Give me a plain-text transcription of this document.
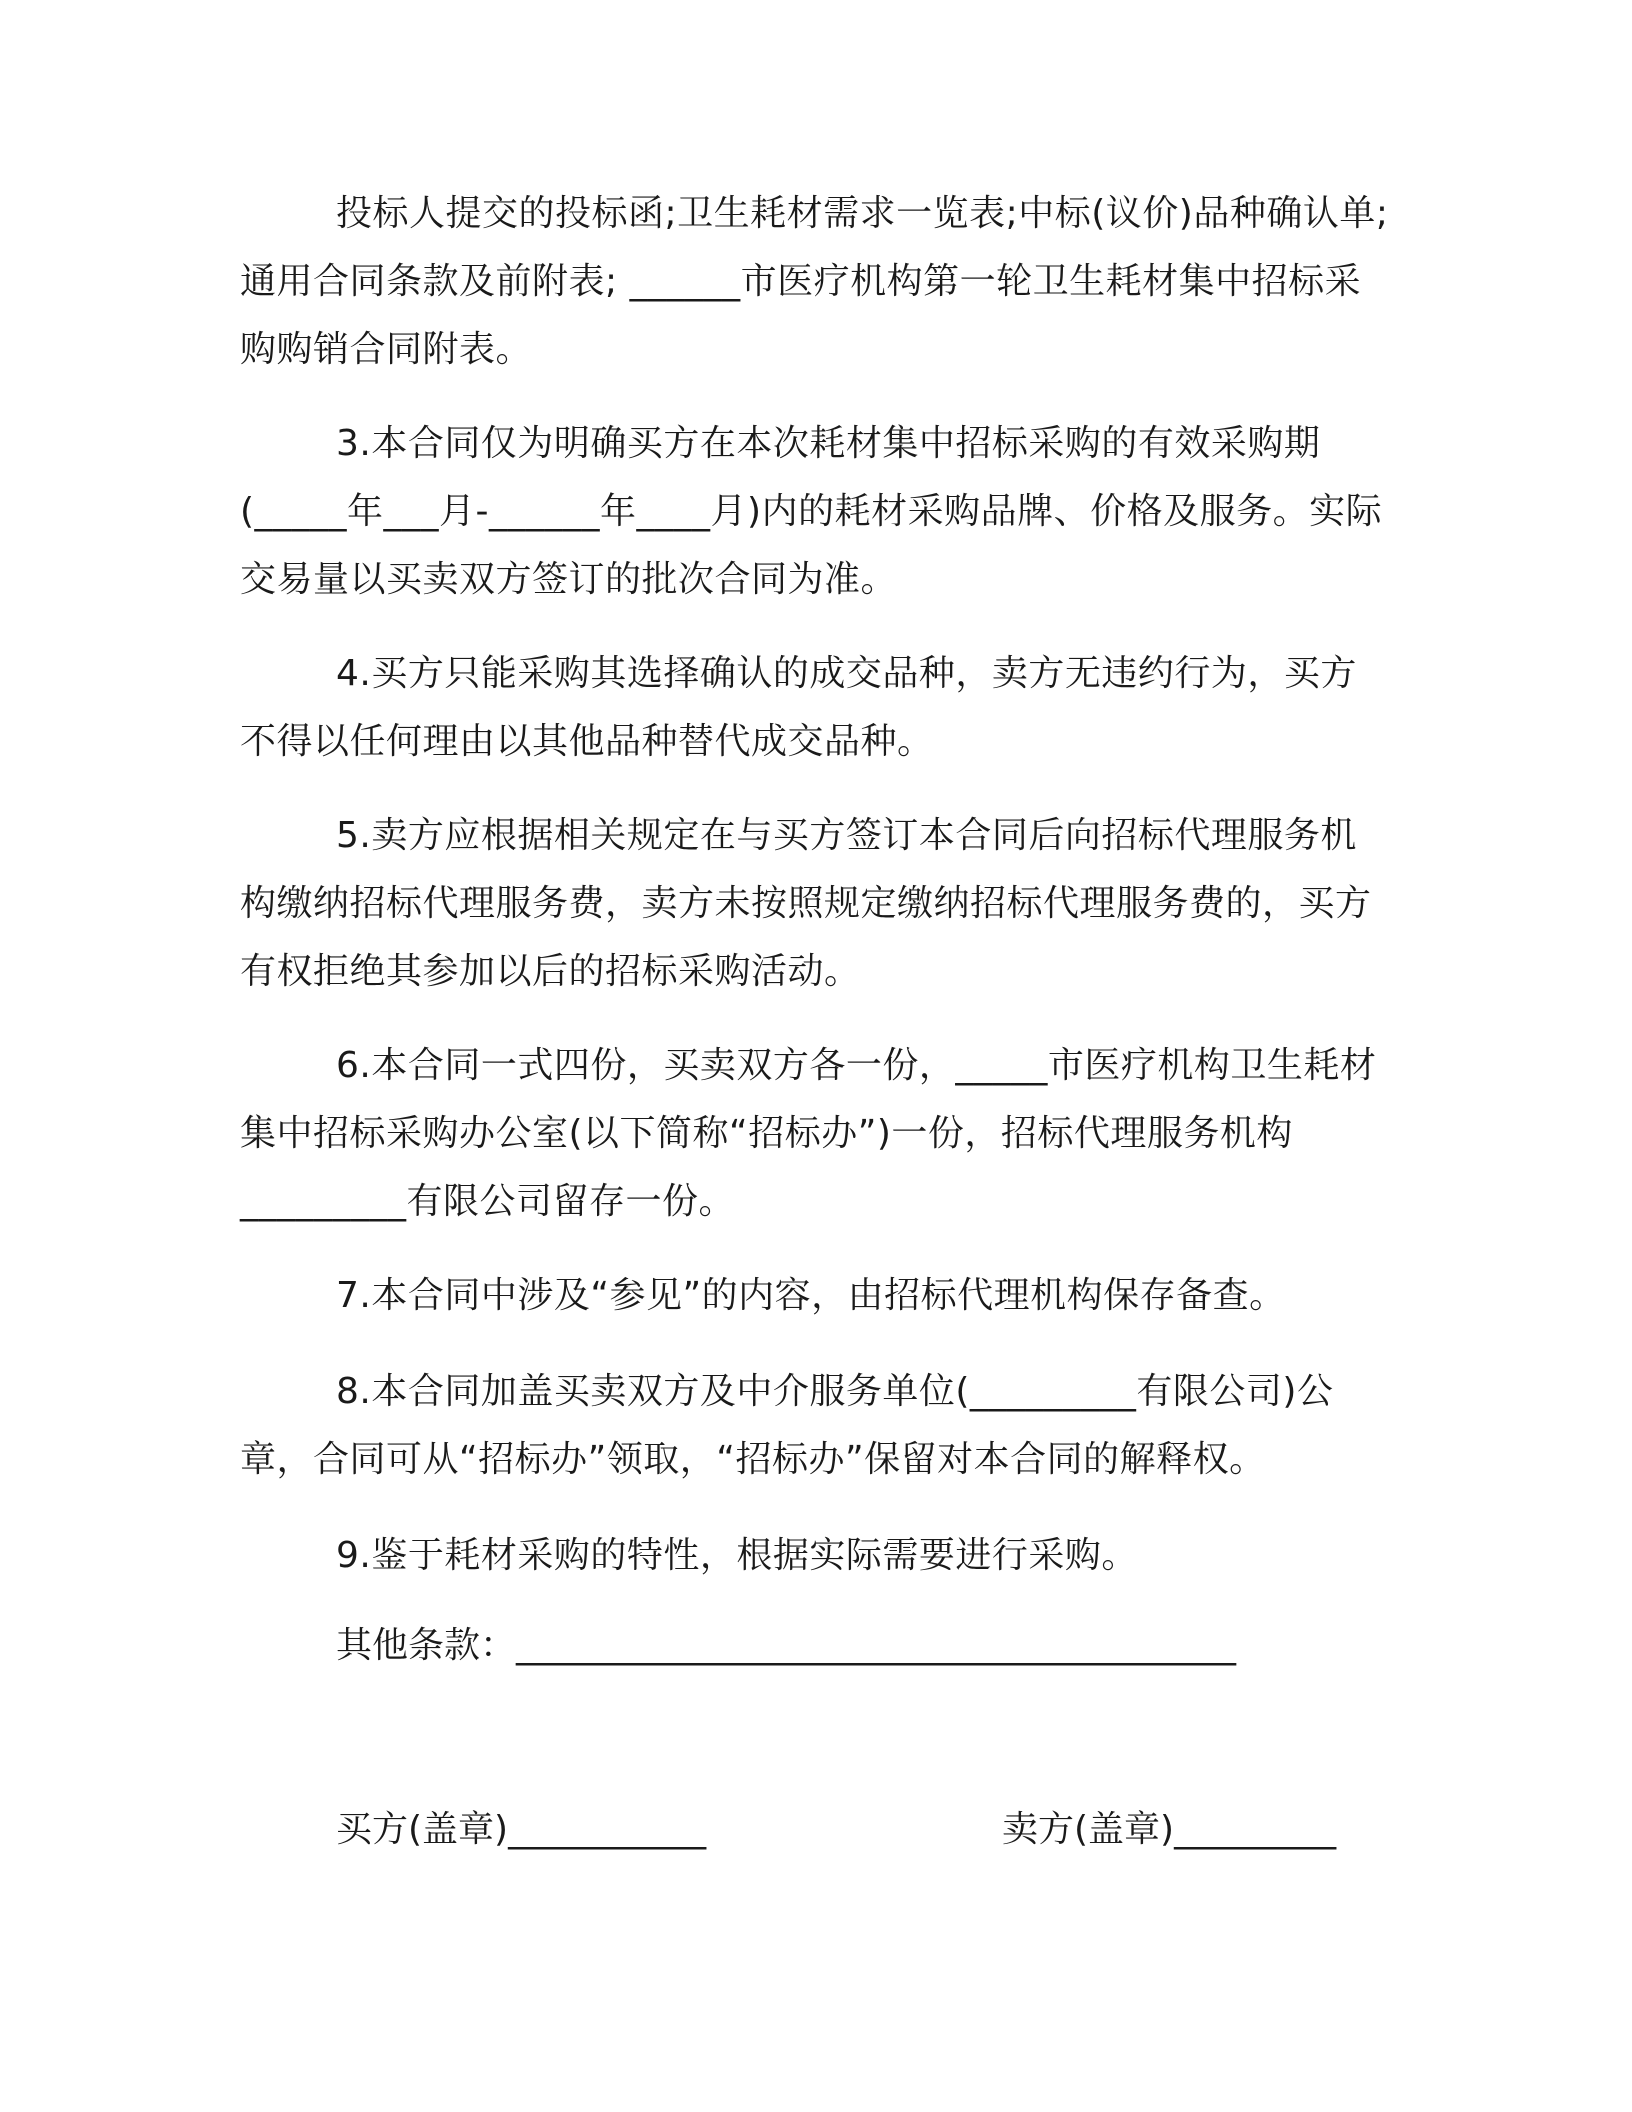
投标人提交的投标函;卫生耗材需求一览表;中标(议价)品种确认单;通用合同条款及前附表; ______市医疗机构第一轮卫生耗材集中招标采购购销合同附表。

3.本合同仅为明确买方在本次耗材集中招标采购的有效采购期(_____年___月-______年____月)内的耗材采购品牌、价格及服务。实际交易量以买卖双方签订的批次合同为准。

4.买方只能采购其选择确认的成交品种，卖方无违约行为，买方不得以任何理由以其他品种替代成交品种。

5.卖方应根据相关规定在与买方签订本合同后向招标代理服务机构缴纳招标代理服务费，卖方未按照规定缴纳招标代理服务费的，买方有权拒绝其参加以后的招标采购活动。

6.本合同一式四份，买卖双方各一份，_____市医疗机构卫生耗材集中招标采购办公室(以下简称“招标办”)一份，招标代理服务机构_________有限公司留存一份。

7.本合同中涉及“参见”的内容，由招标代理机构保存备查。

8.本合同加盖买卖双方及中介服务单位(_________有限公司)公章，合同可从“招标办”领取，“招标办”保留对本合同的解释权。

9.鉴于耗材采购的特性，根据实际需要进行采购。

其他条款：________________________________________
买方(盖章)___________	卖方(盖章)_________
